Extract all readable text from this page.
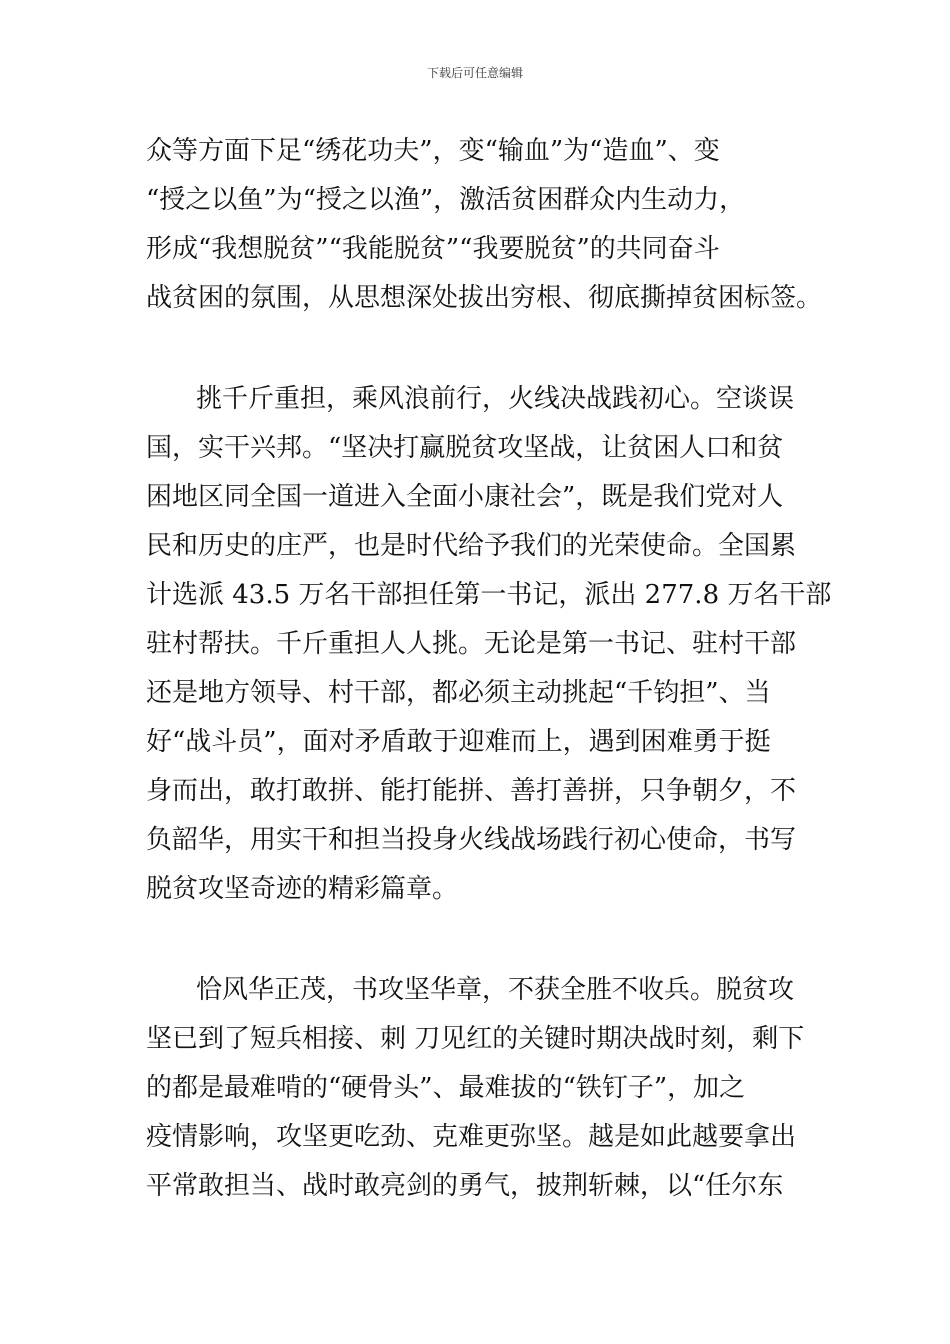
下载后可任意编辑
众等方面下足“绣花功夫”，变“输血”为“造血”、变
“授之以鱼”为“授之以渔”，激活贫困群众内生动力，
形成“我想脱贫”“我能脱贫”“我要脱贫”的共同奋斗
战贫困的氛围，从思想深处拔出穷根、彻底撕掉贫困标签。
挑千斤重担，乘风浪前行，火线决战践初心。空谈误
国，实干兴邦。“坚决打赢脱贫攻坚战，让贫困人口和贫
困地区同全国一道进入全面小康社会”，既是我们党对人
民和历史的庄严，也是时代给予我们的光荣使命。全国累
计选派 43.5 万名干部担任第一书记，派出 277.8 万名干部
驻村帮扶。千斤重担人人挑。无论是第一书记、驻村干部
还是地方领导、村干部，都必须主动挑起“千钧担”、当
好“战斗员”，面对矛盾敢于迎难而上，遇到困难勇于挺
身而出，敢打敢拼、能打能拼、善打善拼，只争朝夕，不
负韶华，用实干和担当投身火线战场践行初心使命，书写
脱贫攻坚奇迹的精彩篇章。
恰风华正茂，书攻坚华章，不获全胜不收兵。脱贫攻
坚已到了短兵相接、刺 刀见红的关键时期决战时刻，剩下
的都是最难啃的“硬骨头”、最难拔的“铁钉子”，加之
疫情影响，攻坚更吃劲、克难更弥坚。越是如此越要拿出
平常敢担当、战时敢亮剑的勇气，披荆斩棘，以“任尔东
